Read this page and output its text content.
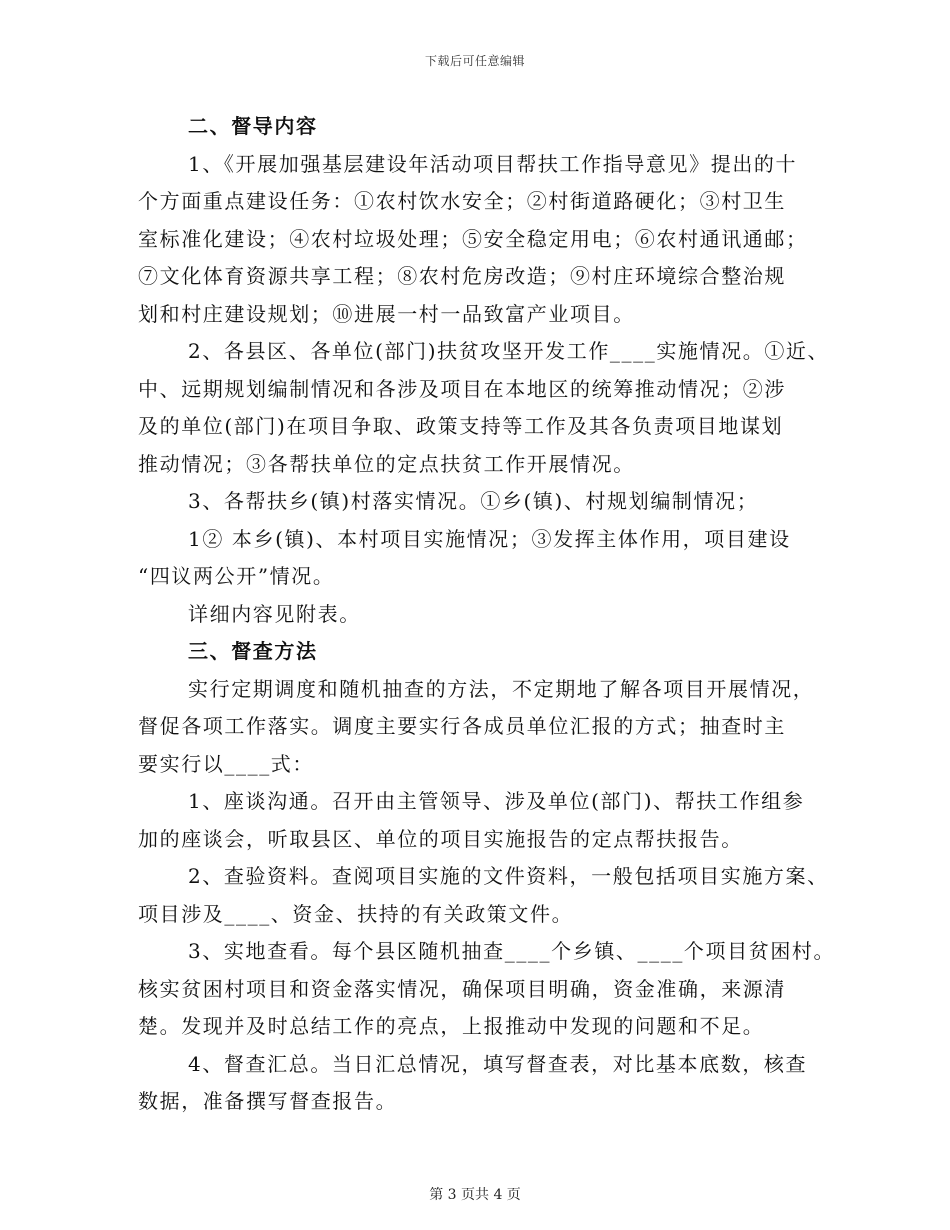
下载后可任意编辑
二、督导内容
1、《开展加强基层建设年活动项目帮扶工作指导意见》提出的十
个方面重点建设任务：①农村饮水安全；②村街道路硬化；③村卫生
室标准化建设；④农村垃圾处理；⑤安全稳定用电；⑥农村通讯通邮；
⑦文化体育资源共享工程；⑧农村危房改造；⑨村庄环境综合整治规
划和村庄建设规划；⑩进展一村一品致富产业项目。
2、各县区、各单位(部门)扶贫攻坚开发工作____实施情况。①近、
中、远期规划编制情况和各涉及项目在本地区的统筹推动情况；②涉
及的单位(部门)在项目争取、政策支持等工作及其各负责项目地谋划
推动情况；③各帮扶单位的定点扶贫工作开展情况。
3、各帮扶乡(镇)村落实情况。①乡(镇)、村规划编制情况；
1② 本乡(镇)、本村项目实施情况；③发挥主体作用，项目建设
“四议两公开”情况。
详细内容见附表。
三、督查方法
实行定期调度和随机抽查的方法，不定期地了解各项目开展情况，
督促各项工作落实。调度主要实行各成员单位汇报的方式；抽查时主
要实行以____式：
1、座谈沟通。召开由主管领导、涉及单位(部门)、帮扶工作组参
加的座谈会，听取县区、单位的项目实施报告的定点帮扶报告。
2、查验资料。查阅项目实施的文件资料，一般包括项目实施方案、
项目涉及____、资金、扶持的有关政策文件。
3、实地查看。每个县区随机抽查____个乡镇、____个项目贫困村。
核实贫困村项目和资金落实情况，确保项目明确，资金准确，来源清
楚。发现并及时总结工作的亮点，上报推动中发现的问题和不足。
4、督查汇总。当日汇总情况，填写督查表，对比基本底数，核查
数据，准备撰写督查报告。
第 3 页共 4 页
